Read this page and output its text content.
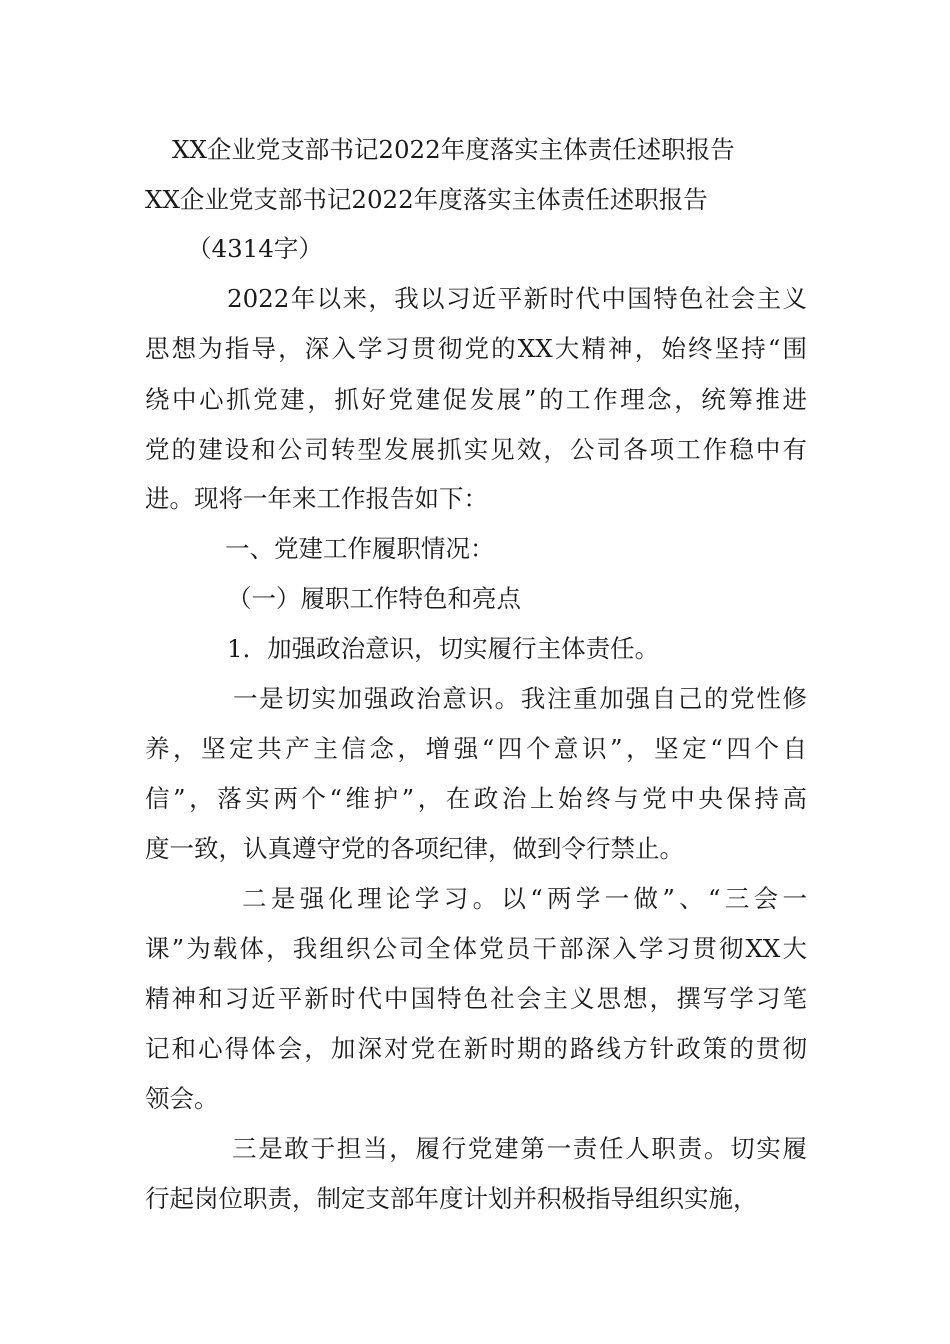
XX企业党支部书记2022年度落实主体责任述职报告
XX企业党支部书记2022年度落实主体责任述职报告
（4314字）
2022年以来，我以习近平新时代中国特色社会主义
思想为指导，深入学习贯彻党的XX大精神，始终坚持“围
绕中心抓党建，抓好党建促发展”的工作理念，统筹推进
党的建设和公司转型发展抓实见效，公司各项工作稳中有
进。现将一年来工作报告如下：
一、党建工作履职情况：
（一）履职工作特色和亮点
1．加强政治意识，切实履行主体责任。
一是切实加强政治意识。我注重加强自己的党性修
养，坚定共产主信念，增强“四个意识”，坚定“四个自
信”，落实两个“维护”，在政治上始终与党中央保持高
度一致，认真遵守党的各项纪律，做到令行禁止。
二是强化理论学习。以“两学一做”、“三会一
课”为载体，我组织公司全体党员干部深入学习贯彻XX大
精神和习近平新时代中国特色社会主义思想，撰写学习笔
记和心得体会，加深对党在新时期的路线方针政策的贯彻
领会。
三是敢于担当，履行党建第一责任人职责。切实履
行起岗位职责，制定支部年度计划并积极指导组织实施，
